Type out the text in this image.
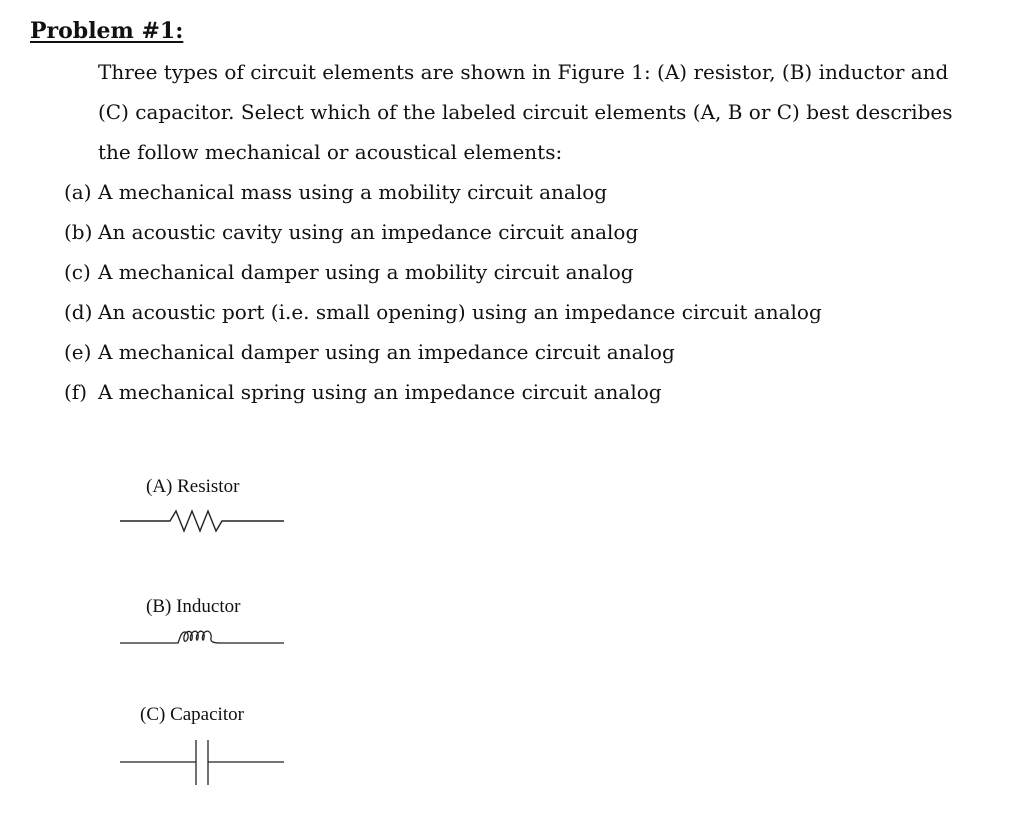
Problem #1:

Three types of circuit elements are shown in Figure 1: (A) resistor, (B) inductor and
(C) capacitor. Select which of the labeled circuit elements (A, B or C) best describes
the follow mechanical or acoustical elements:

(a) A mechanical mass using a mobility circuit analog
(b) An acoustic cavity using an impedance circuit analog
(c) A mechanical damper using a mobility circuit analog
(d) An acoustic port (i.e. small opening) using an impedance circuit analog
(e) A mechanical damper using an impedance circuit analog
(f) A mechanical spring using an impedance circuit analog
(A) Resistor
(B) Inductor
(C) Capacitor
